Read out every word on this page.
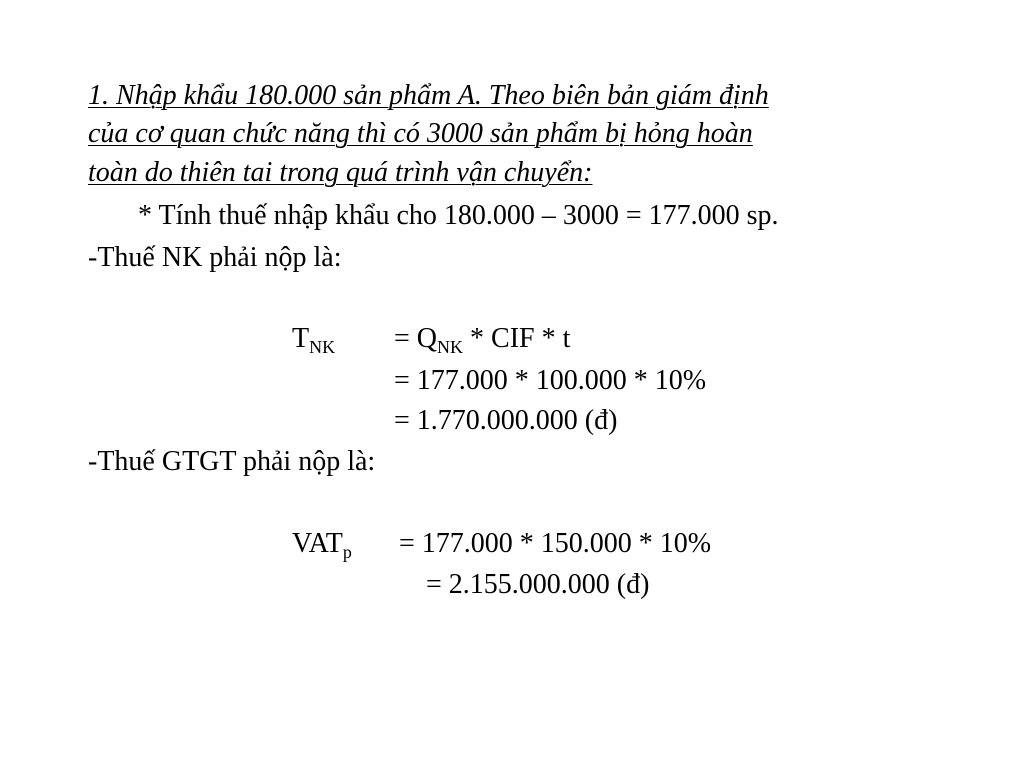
1. Nhập khẩu 180.000 sản phẩm A. Theo biên bản giám định
của cơ quan chức năng thì có 3000 sản phẩm bị hỏng hoàn
toàn do thiên tai trong quá trình vận chuyển:
* Tính thuế nhập khẩu cho 180.000 – 3000 = 177.000 sp.
-Thuế NK phải nộp là:
$T_{NK} = Q_{NK}$ * CIF * t
= 177.000 * 100.000 * 10%
= 1.770.000.000 (đ)
-Thuế GTGT phải nộp là:
$VAT_p = 177.000 * 150.000 * 10\%$
= 2.155.000.000 (đ)
